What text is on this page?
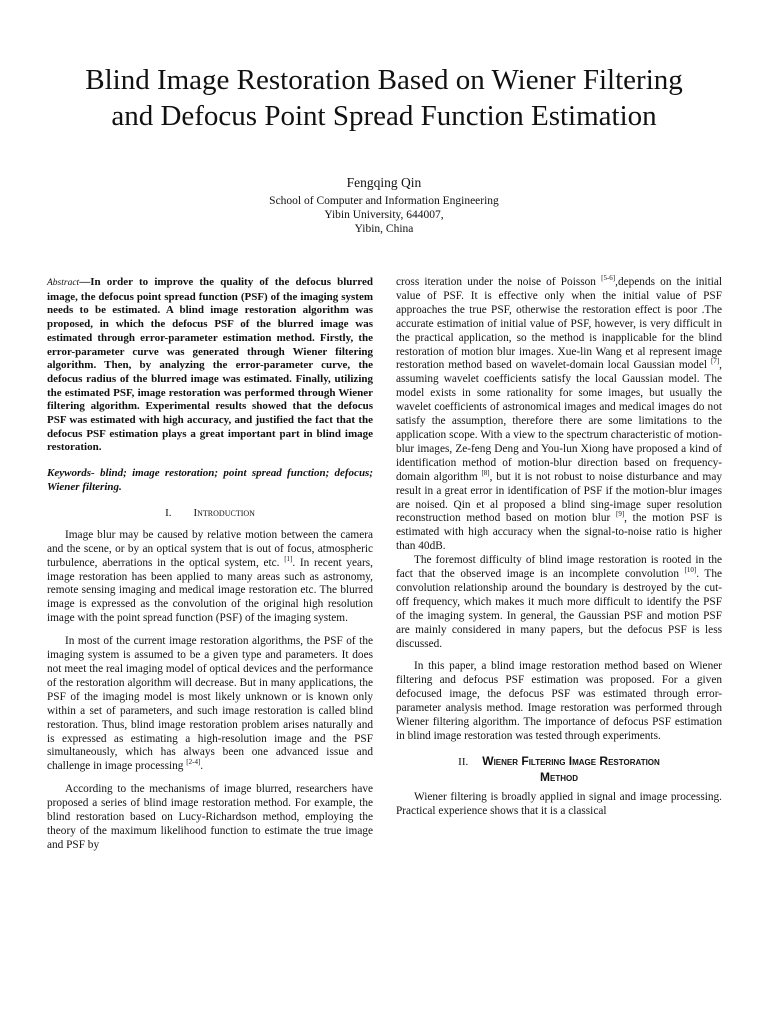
Blind Image Restoration Based on Wiener Filtering
and Defocus Point Spread Function Estimation
Fengqing Qin
School of Computer and Information Engineering
Yibin University, 644007,
Yibin, China

Abstract—In order to improve the quality of the defocus blurred image, the defocus point spread function (PSF) of the imaging system needs to be estimated. A blind image restoration algorithm was proposed, in which the defocus PSF of the blurred image was estimated through error-parameter estimation method. Firstly, the error-parameter curve was generated through Wiener filtering algorithm. Then, by analyzing the error-parameter curve, the defocus radius of the blurred image was estimated. Finally, utilizing the estimated PSF, image restoration was performed through Wiener filtering algorithm. Experimental results showed that the defocus PSF was estimated with high accuracy, and justified the fact that the defocus PSF estimation plays a great important part in blind image restoration.

Keywords- blind; image restoration; point spread function; defocus; Wiener filtering.

I. Introduction

Image blur may be caused by relative motion between the camera and the scene, or by an optical system that is out of focus, atmospheric turbulence, aberrations in the optical system, etc. [1]. In recent years, image restoration has been applied to many areas such as astronomy, remote sensing imaging and medical image restoration etc. The blurred image is expressed as the convolution of the original high resolution image with the point spread function (PSF) of the imaging system.

In most of the current image restoration algorithms, the PSF of the imaging system is assumed to be a given type and parameters. It does not meet the real imaging model of optical devices and the performance of the restoration algorithm will decrease. But in many applications, the PSF of the imaging model is most likely unknown or is known only within a set of parameters, and such image restoration is called blind restoration. Thus, blind image restoration problem arises naturally and is expressed as estimating a high-resolution image and the PSF simultaneously, which has always been one advanced issue and challenge in image processing [2-4].

According to the mechanisms of image blurred, researchers have proposed a series of blind image restoration method. For example, the blind restoration based on Lucy-Richardson method, employing the theory of the maximum likelihood function to estimate the true image and PSF by

cross iteration under the noise of Poisson [5-6],depends on the initial value of PSF. It is effective only when the initial value of PSF approaches the true PSF, otherwise the restoration effect is poor .The accurate estimation of initial value of PSF, however, is very difficult in the practical application, so the method is inapplicable for the blind restoration of motion blur images. Xue-lin Wang et al represent image restoration method based on wavelet-domain local Gaussian model [7], assuming wavelet coefficients satisfy the local Gaussian model. The model exists in some rationality for some images, but usually the wavelet coefficients of astronomical images and medical images do not satisfy the assumption, therefore there are some limitations to the application scope. With a view to the spectrum characteristic of motion-blur images, Ze-feng Deng and You-lun Xiong have proposed a kind of identification method of motion-blur direction based on frequency-domain algorithm [8], but it is not robust to noise disturbance and may result in a great error in identification of PSF if the motion-blur images are noised. Qin et al proposed a blind sing-image super resolution reconstruction method based on motion blur [9], the motion PSF is estimated with high accuracy when the signal-to-noise ratio is higher than 40dB.

The foremost difficulty of blind image restoration is rooted in the fact that the observed image is an incomplete convolution [10]. The convolution relationship around the boundary is destroyed by the cut-off frequency, which makes it much more difficult to identify the PSF of the imaging system. In general, the Gaussian PSF and motion PSF are mainly considered in many papers, but the defocus PSF is less discussed.

In this paper, a blind image restoration method based on Wiener filtering and defocus PSF estimation was proposed. For a given defocused image, the defocus PSF was estimated through error-parameter analysis method. Image restoration was performed through Wiener filtering algorithm. The importance of defocus PSF estimation in blind image restoration was tested through experiments.

II. Wiener Filtering Image Restoration
Method

Wiener filtering is broadly applied in signal and image processing. Practical experience shows that it is a classical
